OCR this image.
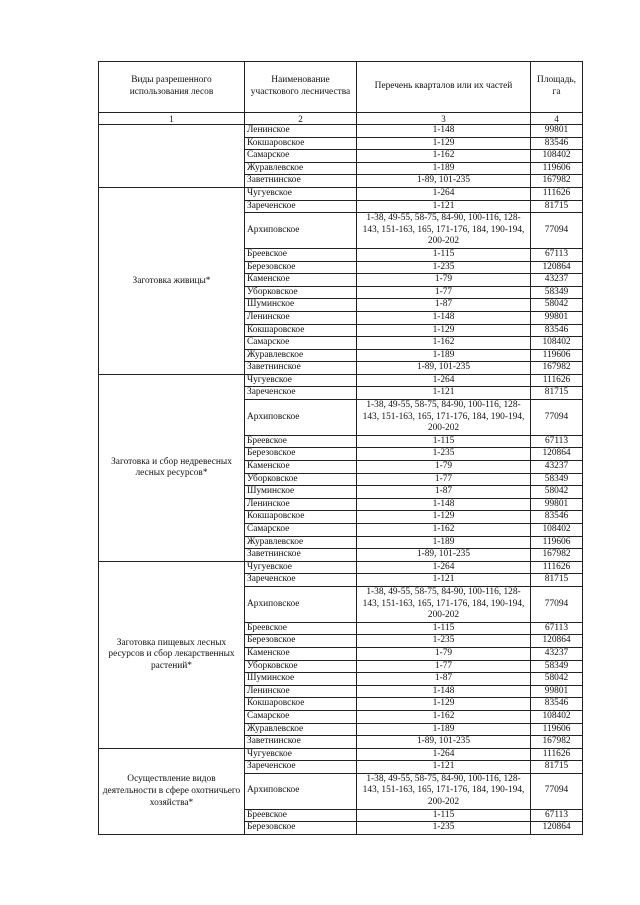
Виды разрешенного использования лесов	Наименование участкового лесничества	Перечень кварталов или их частей	Площадь, га
1	2	3	4
	Ленинское	1-148	99801
	Кокшаровское	1-129	83546
	Самарское	1-162	108402
	Журавлевское	1-189	119606
	Заветнинское	1-89, 101-235	167982
Заготовка живицы*	Чугуевское	1-264	111626
	Зареченское	1-121	81715
	Архиповское	1-38, 49-55, 58-75, 84-90, 100-116, 128-143, 151-163, 165, 171-176, 184, 190-194, 200-202	77094
	Бреевское	1-115	67113
	Березовское	1-235	120864
	Каменское	1-79	43237
	Уборковское	1-77	58349
	Шуминское	1-87	58042
	Ленинское	1-148	99801
	Кокшаровское	1-129	83546
	Самарское	1-162	108402
	Журавлевское	1-189	119606
	Заветнинское	1-89, 101-235	167982
Заготовка и сбор недревесных лесных ресурсов*	Чугуевское	1-264	111626
	Зареченское	1-121	81715
	Архиповское	1-38, 49-55, 58-75, 84-90, 100-116, 128-143, 151-163, 165, 171-176, 184, 190-194, 200-202	77094
	Бреевское	1-115	67113
	Березовское	1-235	120864
	Каменское	1-79	43237
	Уборковское	1-77	58349
	Шуминское	1-87	58042
	Ленинское	1-148	99801
	Кокшаровское	1-129	83546
	Самарское	1-162	108402
	Журавлевское	1-189	119606
	Заветнинское	1-89, 101-235	167982
Заготовка пищевых лесных ресурсов и сбор лекарственных растений*	Чугуевское	1-264	111626
	Зареченское	1-121	81715
	Архиповское	1-38, 49-55, 58-75, 84-90, 100-116, 128-143, 151-163, 165, 171-176, 184, 190-194, 200-202	77094
	Бреевское	1-115	67113
	Березовское	1-235	120864
	Каменское	1-79	43237
	Уборковское	1-77	58349
	Шуминское	1-87	58042
	Ленинское	1-148	99801
	Кокшаровское	1-129	83546
	Самарское	1-162	108402
	Журавлевское	1-189	119606
	Заветнинское	1-89, 101-235	167982
Осуществление видов деятельности в сфере охотничьего хозяйства*	Чугуевское	1-264	111626
	Зареченское	1-121	81715
	Архиповское	1-38, 49-55, 58-75, 84-90, 100-116, 128-143, 151-163, 165, 171-176, 184, 190-194, 200-202	77094
	Бреевское	1-115	67113
	Березовское	1-235	120864
